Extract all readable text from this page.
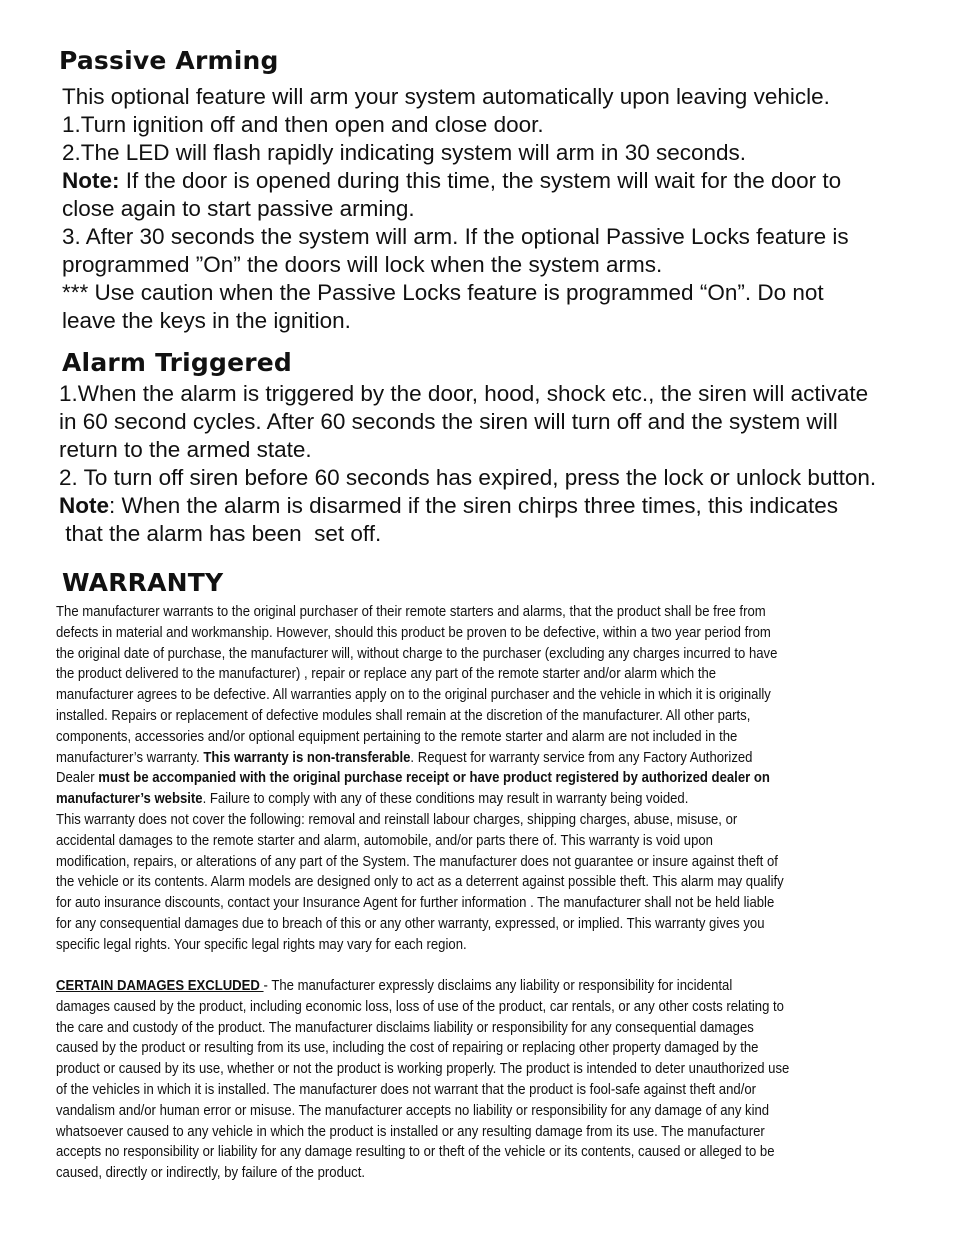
Passive Arming
This optional feature will arm your system automatically upon leaving vehicle.
1.Turn ignition off and then open and close door.
2.The LED will flash rapidly indicating system will arm in 30 seconds.
Note: If the door is opened during this time, the system will wait for the door to
close again to start passive arming.
3. After 30 seconds the system will arm. If the optional Passive Locks feature is
programmed ”On” the doors will lock when the system arms.
*** Use caution when the Passive Locks feature is programmed “On”. Do not
leave the keys in the ignition.
Alarm Triggered
1.When the alarm is triggered by the door, hood, shock etc., the siren will activate
in 60 second cycles. After 60 seconds the siren will turn off and the system will
return to the armed state.
2. To turn off siren before 60 seconds has expired, press the lock or unlock button.
Note: When the alarm is disarmed if the siren chirps three times, this indicates
that the alarm has been  set off.
WARRANTY
The manufacturer warrants to the original purchaser of their remote starters and alarms, that the product shall be free from
defects in material and workmanship. However, should this product be proven to be defective, within a two year period from
the original date of purchase, the manufacturer will, without charge to the purchaser (excluding any charges incurred to have
the product delivered to the manufacturer) , repair or replace any part of the remote starter and/or alarm which the
manufacturer agrees to be defective. All warranties apply on to the original purchaser and the vehicle in which it is originally
installed. Repairs or replacement of defective modules shall remain at the discretion of the manufacturer. All other parts,
components, accessories and/or optional equipment pertaining to the remote starter and alarm are not included in the
manufacturer’s warranty. This warranty is non-transferable. Request for warranty service from any Factory Authorized
Dealer must be accompanied with the original purchase receipt or have product registered by authorized dealer on
manufacturer’s website. Failure to comply with any of these conditions may result in warranty being voided.
This warranty does not cover the following: removal and reinstall labour charges, shipping charges, abuse, misuse, or
accidental damages to the remote starter and alarm, automobile, and/or parts there of. This warranty is void upon
modification, repairs, or alterations of any part of the System. The manufacturer does not guarantee or insure against theft of
the vehicle or its contents. Alarm models are designed only to act as a deterrent against possible theft. This alarm may qualify
for auto insurance discounts, contact your Insurance Agent for further information . The manufacturer shall not be held liable
for any consequential damages due to breach of this or any other warranty, expressed, or implied. This warranty gives you
specific legal rights. Your specific legal rights may vary for each region.
CERTAIN DAMAGES EXCLUDED - The manufacturer expressly disclaims any liability or responsibility for incidental
damages caused by the product, including economic loss, loss of use of the product, car rentals, or any other costs relating to
the care and custody of the product. The manufacturer disclaims liability or responsibility for any consequential damages
caused by the product or resulting from its use, including the cost of repairing or replacing other property damaged by the
product or caused by its use, whether or not the product is working properly. The product is intended to deter unauthorized use
of the vehicles in which it is installed. The manufacturer does not warrant that the product is fool-safe against theft and/or
vandalism and/or human error or misuse. The manufacturer accepts no liability or responsibility for any damage of any kind
whatsoever caused to any vehicle in which the product is installed or any resulting damage from its use. The manufacturer
accepts no responsibility or liability for any damage resulting to or theft of the vehicle or its contents, caused or alleged to be
caused, directly or indirectly, by failure of the product.
